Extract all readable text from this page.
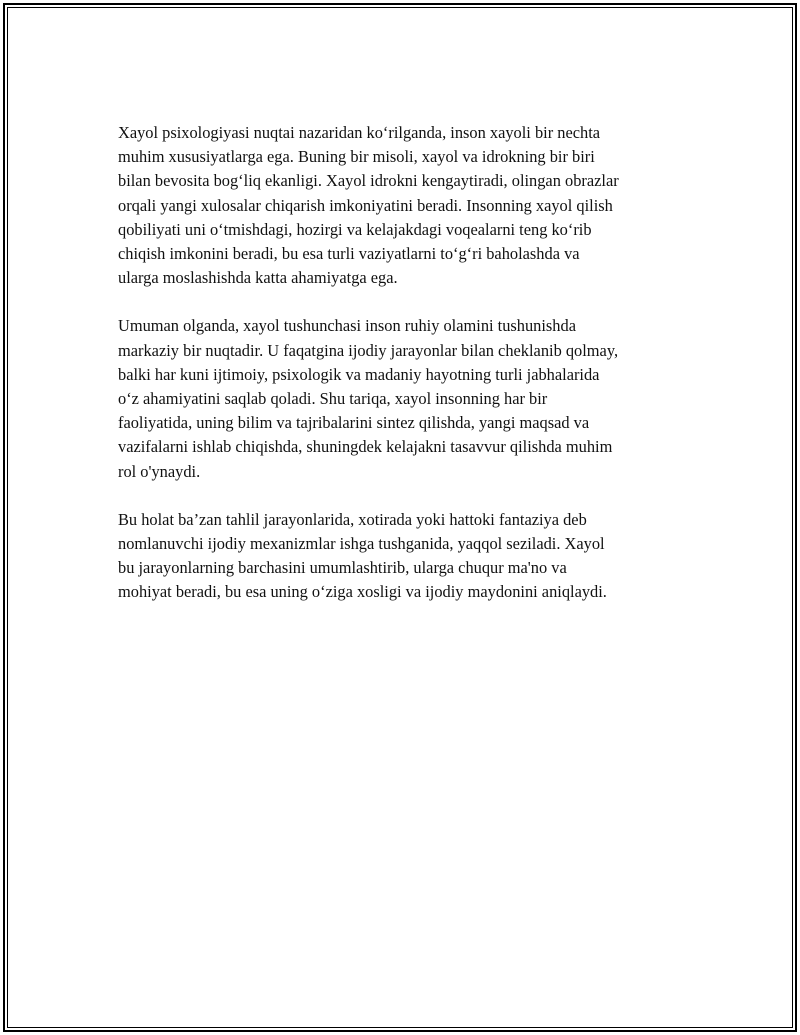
Xayol psixologiyasi nuqtai nazaridan ko‘rilganda, inson xayoli bir nechta
muhim xususiyatlarga ega. Buning bir misoli, xayol va idrokning bir biri
bilan bevosita bog‘liq ekanligi. Xayol idrokni kengaytiradi, olingan obrazlar
orqali yangi xulosalar chiqarish imkoniyatini beradi. Insonning xayol qilish
qobiliyati uni o‘tmishdagi, hozirgi va kelajakdagi voqealarni teng ko‘rib
chiqish imkonini beradi, bu esa turli vaziyatlarni to‘g‘ri baholashda va
ularga moslashishda katta ahamiyatga ega.

Umuman olganda, xayol tushunchasi inson ruhiy olamini tushunishda
markaziy bir nuqtadir. U faqatgina ijodiy jarayonlar bilan cheklanib qolmay,
balki har kuni ijtimoiy, psixologik va madaniy hayotning turli jabhalarida
o‘z ahamiyatini saqlab qoladi. Shu tariqa, xayol insonning har bir
faoliyatida, uning bilim va tajribalarini sintez qilishda, yangi maqsad va
vazifalarni ishlab chiqishda, shuningdek kelajakni tasavvur qilishda muhim
rol o'ynaydi.

Bu holat ba’zan tahlil jarayonlarida, xotirada yoki hattoki fantaziya deb
nomlanuvchi ijodiy mexanizmlar ishga tushganida, yaqqol seziladi. Xayol
bu jarayonlarning barchasini umumlashtirib, ularga chuqur ma'no va
mohiyat beradi, bu esa uning o‘ziga xosligi va ijodiy maydonini aniqlaydi.
